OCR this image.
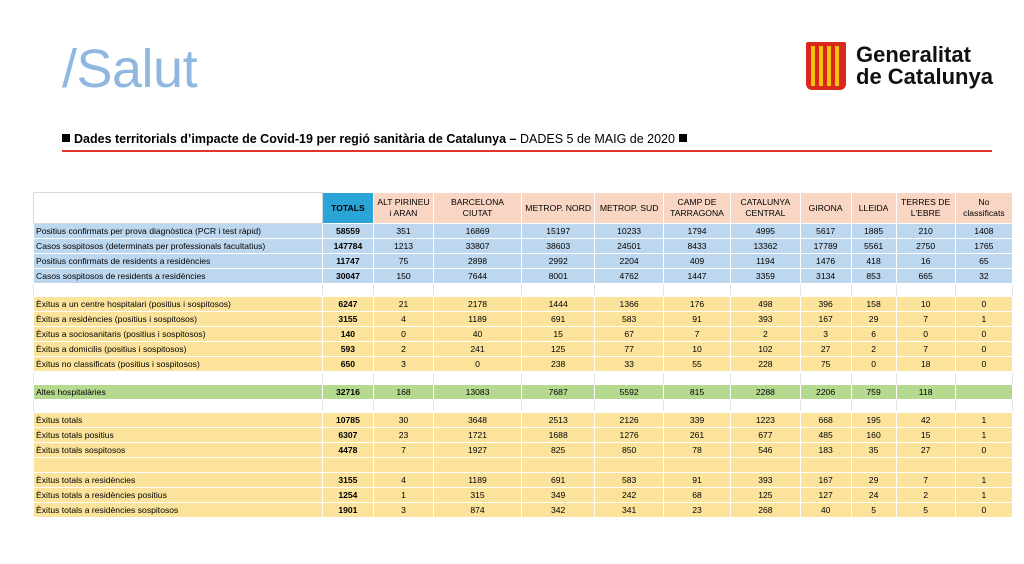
/Salut	Generalitat
de Catalunya
Dades territorials d’impacte de Covid-19 per regió sanitària de Catalunya – DADES 5 de MAIG de 2020
	TOTALS	ALT PIRINEU i ARAN	BARCELONA CIUTAT	METROP. NORD	METROP. SUD	CAMP DE TARRAGONA	CATALUNYA CENTRAL	GIRONA	LLEIDA	TERRES DE L'EBRE	No classificats
Positius confirmats per prova diagnòstica (PCR i test ràpid)	58559	351	16869	15197	10233	1794	4995	5617	1885	210	1408
Casos sospitosos (determinats per professionals facultatius)	147784	1213	33807	38603	24501	8433	13362	17789	5561	2750	1765
Positius confirmats de residents a residències	11747	75	2898	2992	2204	409	1194	1476	418	16	65
Casos sospitosos de residents a residències	30047	150	7644	8001	4762	1447	3359	3134	853	665	32

Èxitus a un centre hospitalari (positius i sospitosos)	6247	21	2178	1444	1366	176	498	396	158	10	0
Èxitus a residències (positius i sospitosos)	3155	4	1189	691	583	91	393	167	29	7	1
Èxitus a sociosanitaris (positius i sospitosos)	140	0	40	15	67	7	2	3	6	0	0
Èxitus a domicilis (positius i sospitosos)	593	2	241	125	77	10	102	27	2	7	0
Èxitus no classificats (positius i sospitosos)	650	3	0	238	33	55	228	75	0	18	0

Altes hospitalàries	32716	168	13083	7687	5592	815	2288	2206	759	118	

Èxitus totals	10785	30	3648	2513	2126	339	1223	668	195	42	1
Èxitus totals positius	6307	23	1721	1688	1276	261	677	485	160	15	1
Èxitus totals sospitosos	4478	7	1927	825	850	78	546	183	35	27	0

Èxitus totals a residències	3155	4	1189	691	583	91	393	167	29	7	1
Èxitus totals a residències positius	1254	1	315	349	242	68	125	127	24	2	1
Èxitus totals a residències sospitosos	1901	3	874	342	341	23	268	40	5	5	0
